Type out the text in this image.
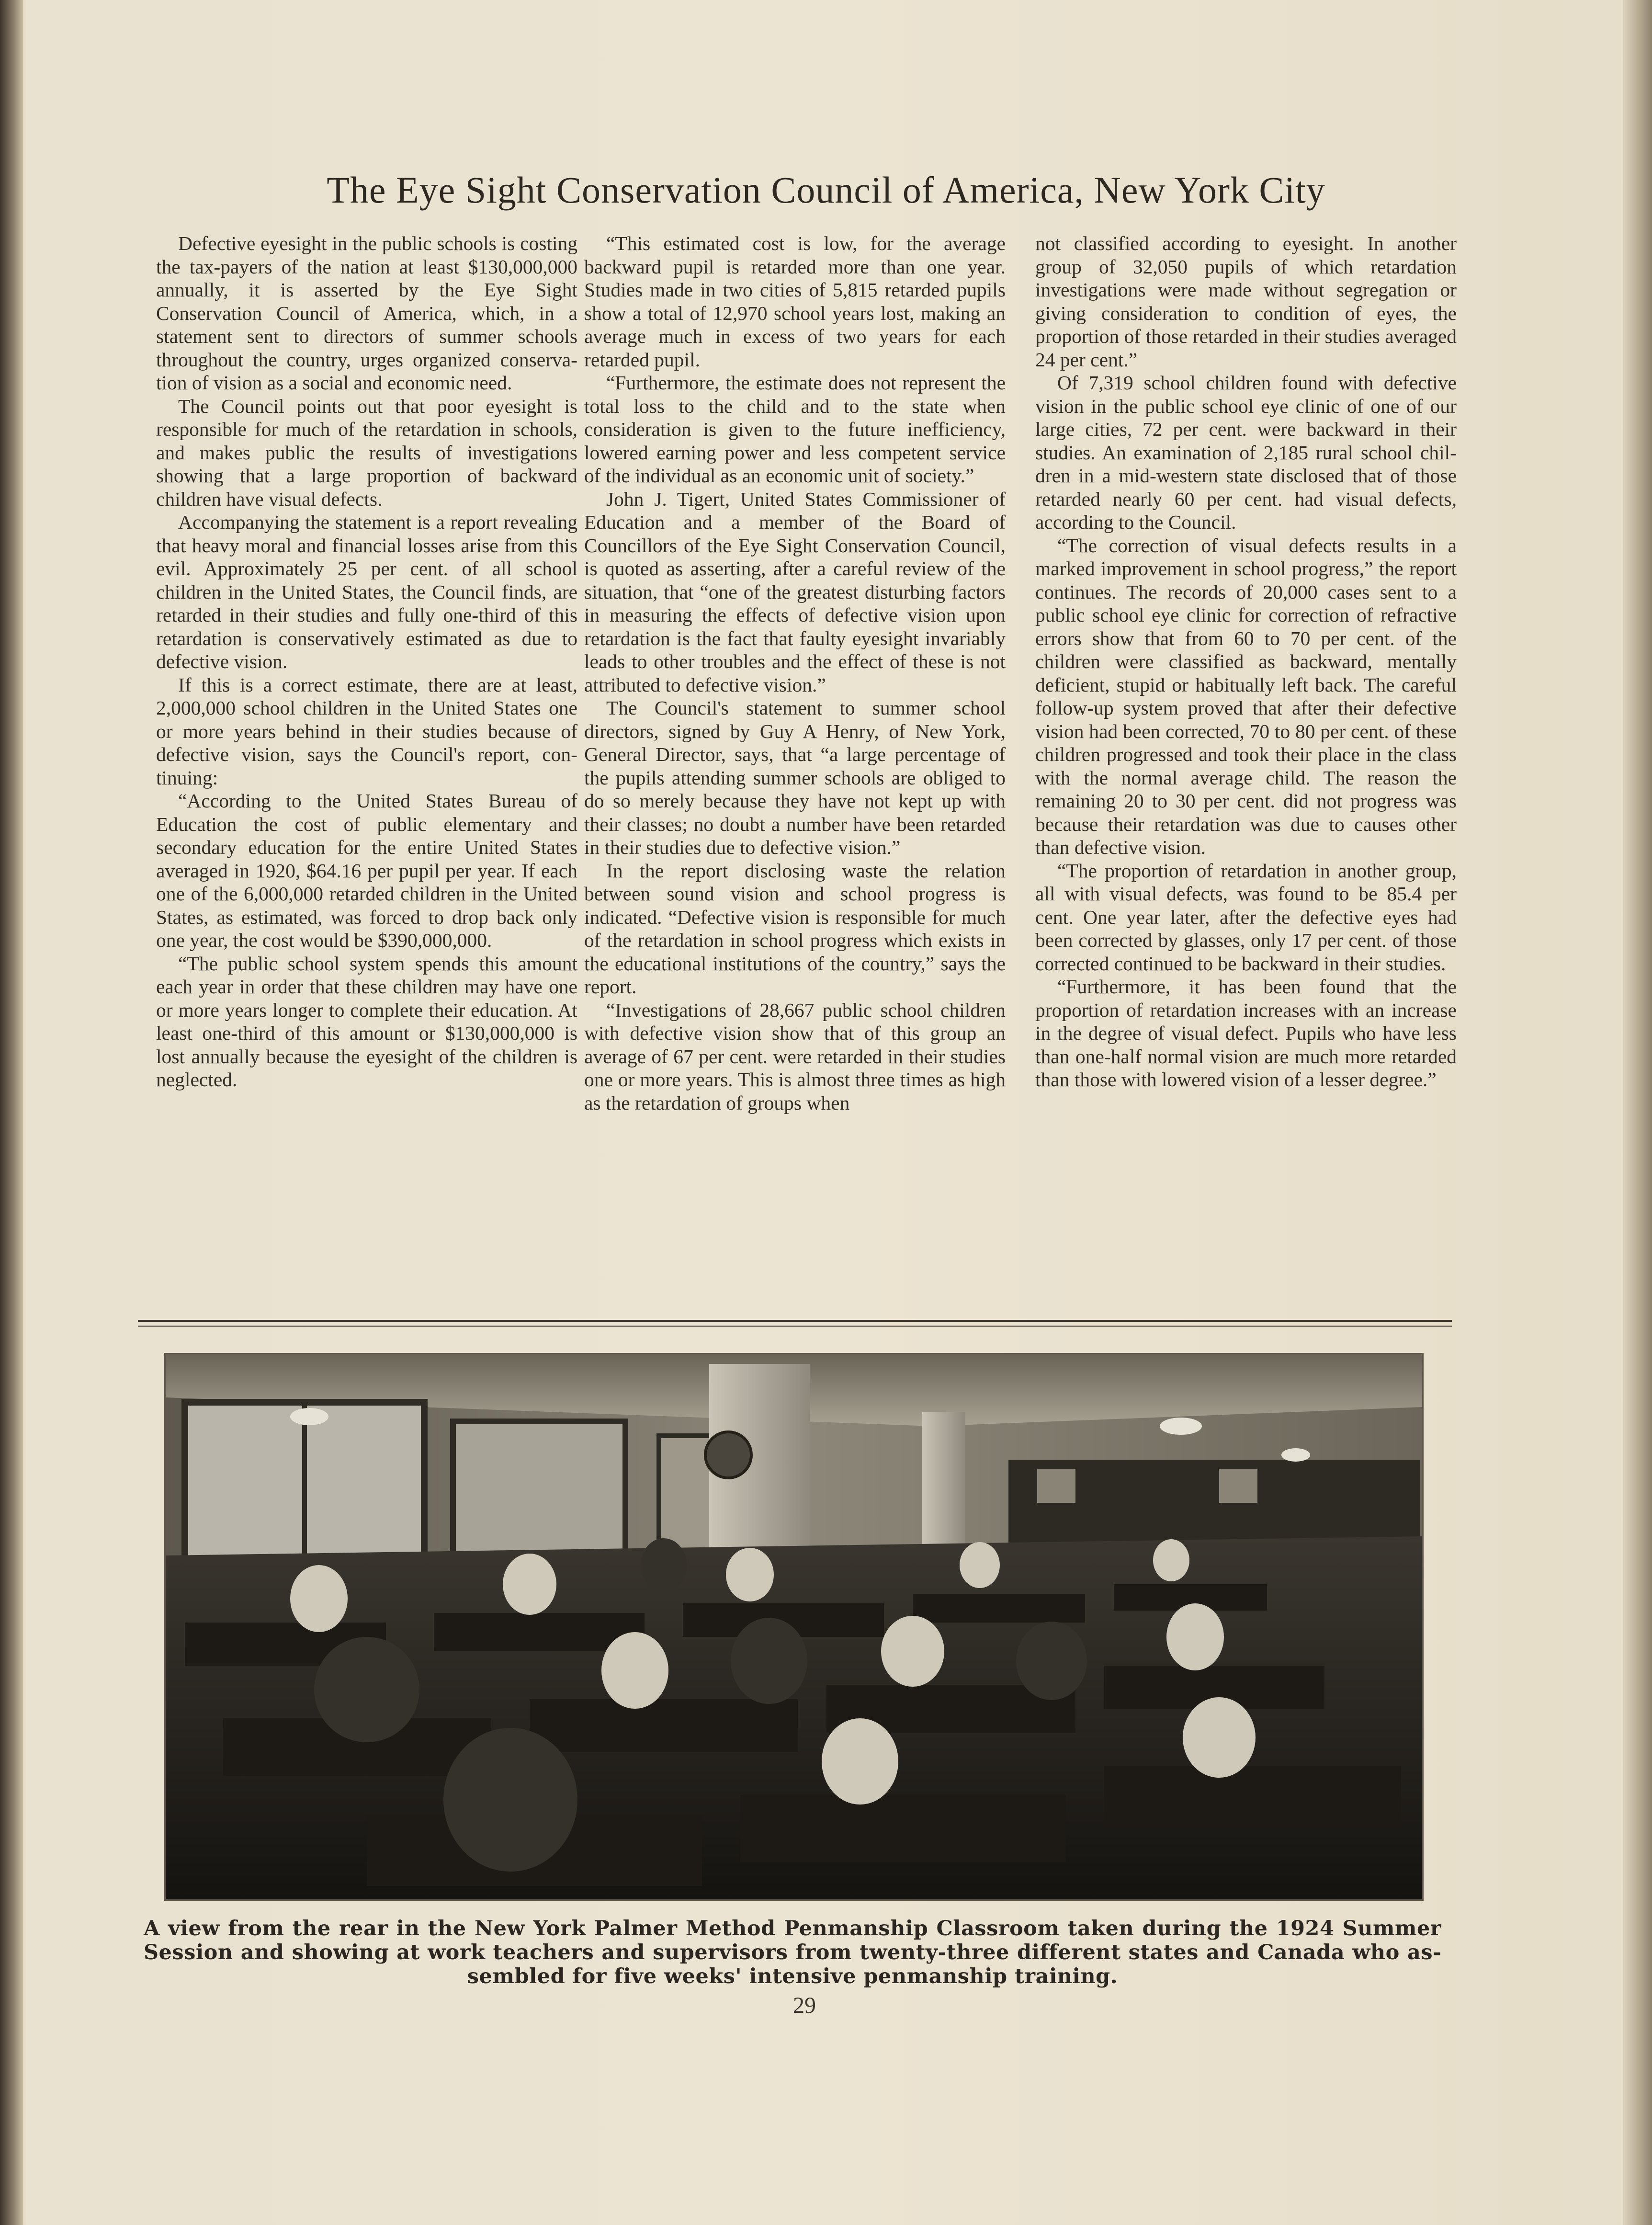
The Eye Sight Conservation Council of America, New York City

Defective eyesight in the public schools is costing the tax-payers of the nation at least $130,000,000 annually, it is asserted by the Eye Sight Conservation Council of America, which, in a statement sent to directors of summer schools throughout the country, urges organized conservation of vision as a social and economic need.

The Council points out that poor eyesight is responsible for much of the retardation in schools, and makes public the results of investigations showing that a large proportion of backward children have visual defects.

Accompanying the statement is a report revealing that heavy moral and financial losses arise from this evil. Approximately 25 per cent. of all school children in the United States, the Council finds, are retarded in their studies and fully one-third of this retardation is conservatively estimated as due to defective vision.

If this is a correct estimate, there are at least, 2,000,000 school children in the United States one or more years behind in their studies because of defective vision, says the Council's report, continuing:

“According to the United States Bureau of Education the cost of public elementary and secondary education for the entire United States averaged in 1920, $64.16 per pupil per year. If each one of the 6,000,000 retarded children in the United States, as estimated, was forced to drop back only one year, the cost would be $390,000,000.

“The public school system spends this amount each year in order that these children may have one or more years longer to complete their education. At least one-third of this amount or $130,000,000 is lost annually because the eyesight of the children is neglected.

“This estimated cost is low, for the average backward pupil is retarded more than one year. Studies made in two cities of 5,815 retarded pupils show a total of 12,970 school years lost, making an average much in excess of two years for each retarded pupil.

“Furthermore, the estimate does not represent the total loss to the child and to the state when consideration is given to the future inefficiency, lowered earning power and less competent service of the individual as an economic unit of society.”

John J. Tigert, United States Commissioner of Education and a member of the Board of Councillors of the Eye Sight Conservation Council, is quoted as asserting, after a careful review of the situation, that “one of the greatest disturbing factors in measuring the effects of defective vision upon retardation is the fact that faulty eyesight invariably leads to other troubles and the effect of these is not attributed to defective vision.”

The Council's statement to summer school directors, signed by Guy A Henry, of New York, General Director, says, that “a large percentage of the pupils attending summer schools are obliged to do so merely because they have not kept up with their classes; no doubt a number have been retarded in their studies due to defective vision.”

In the report disclosing waste the relation between sound vision and school progress is indicated. “Defective vision is responsible for much of the retardation in school progress which exists in the educational institutions of the country,” says the report.

“Investigations of 28,667 public school children with defective vision show that of this group an average of 67 per cent. were retarded in their studies one or more years. This is almost three times as high as the retardation of groups when

not classified according to eyesight. In another group of 32,050 pupils of which retardation investigations were made without segregation or giving consideration to condition of eyes, the proportion of those retarded in their studies averaged 24 per cent.”

Of 7,319 school children found with defective vision in the public school eye clinic of one of our large cities, 72 per cent. were backward in their studies. An examination of 2,185 rural school children in a mid-western state disclosed that of those retarded nearly 60 per cent. had visual defects, according to the Council.

“The correction of visual defects results in a marked improvement in school progress,” the report continues. The records of 20,000 cases sent to a public school eye clinic for correction of refractive errors show that from 60 to 70 per cent. of the children were classified as backward, mentally deficient, stupid or habitually left back. The careful follow-up system proved that after their defective vision had been corrected, 70 to 80 per cent. of these children progressed and took their place in the class with the normal average child. The reason the remaining 20 to 30 per cent. did not progress was because their retardation was due to causes other than defective vision.

“The proportion of retardation in another group, all with visual defects, was found to be 85.4 per cent. One year later, after the defective eyes had been corrected by glasses, only 17 per cent. of those corrected continued to be backward in their studies.

“Furthermore, it has been found that the proportion of retardation increases with an increase in the degree of visual defect. Pupils who have less than one-half normal vision are much more retarded than those with lowered vision of a lesser degree.”

A view from the rear in the New York Palmer Method Penmanship Classroom taken during the 1924 Summer Session and showing at work teachers and supervisors from twenty-three different states and Canada who assembled for five weeks' intensive penmanship training.
29
